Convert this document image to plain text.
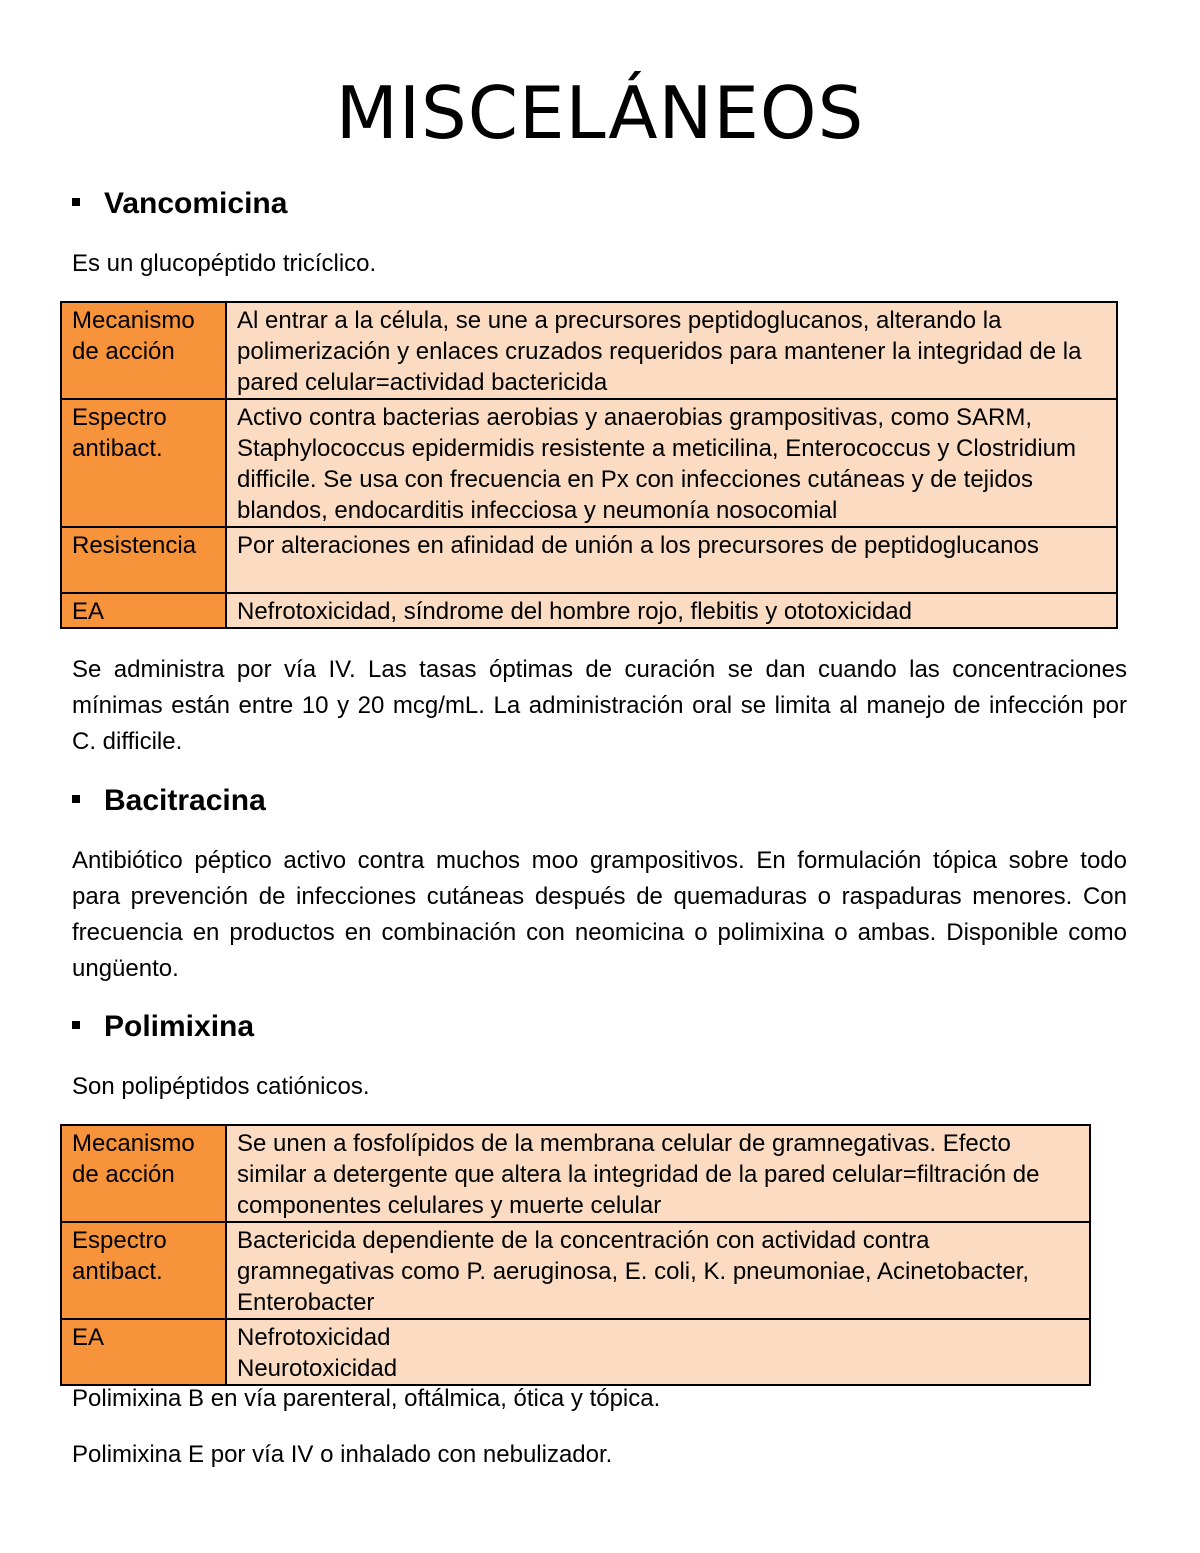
MISCELÁNEOS
Vancomicina
Es un glucopéptido tricíclico.
Mecanismo de acción	Al entrar a la célula, se une a precursores peptidoglucanos, alterando la polimerización y enlaces cruzados requeridos para mantener la integridad de la pared celular=actividad bactericida
Espectro antibact.	Activo contra bacterias aerobias y anaerobias grampositivas, como SARM, Staphylococcus epidermidis resistente a meticilina, Enterococcus y Clostridium difficile. Se usa con frecuencia en Px con infecciones cutáneas y de tejidos blandos, endocarditis infecciosa y neumonía nosocomial
Resistencia	Por alteraciones en afinidad de unión a los precursores de peptidoglucanos
EA	Nefrotoxicidad, síndrome del hombre rojo, flebitis y ototoxicidad
Se administra por vía IV. Las tasas óptimas de curación se dan cuando las concentraciones mínimas están entre 10 y 20 mcg/mL. La administración oral se limita al manejo de infección por C. difficile.
Bacitracina
Antibiótico péptico activo contra muchos moo grampositivos. En formulación tópica sobre todo para prevención de infecciones cutáneas después de quemaduras o raspaduras menores. Con frecuencia en productos en combinación con neomicina o polimixina o ambas. Disponible como ungüento.
Polimixina
Son polipéptidos catiónicos.
Mecanismo de acción	Se unen a fosfolípidos de la membrana celular de gramnegativas. Efecto similar a detergente que altera la integridad de la pared celular=filtración de componentes celulares y muerte celular
Espectro antibact.	Bactericida dependiente de la concentración con actividad contra gramnegativas como P. aeruginosa, E. coli, K. pneumoniae, Acinetobacter, Enterobacter
EA	Nefrotoxicidad
Neurotoxicidad
Polimixina B en vía parenteral, oftálmica, ótica y tópica.
Polimixina E por vía IV o inhalado con nebulizador.
